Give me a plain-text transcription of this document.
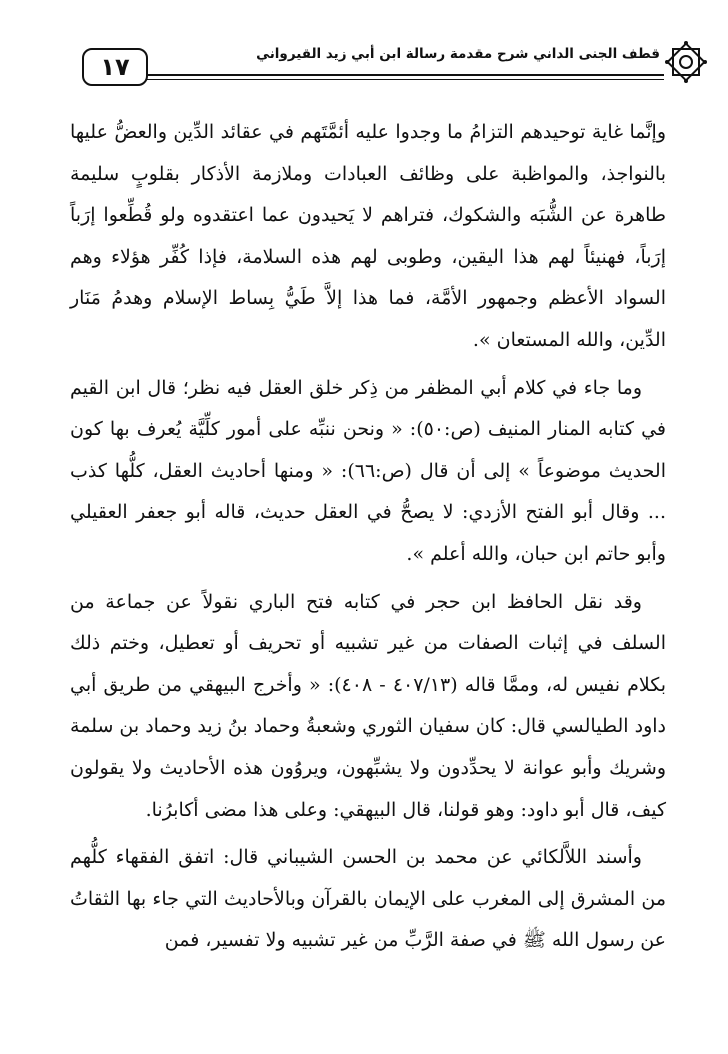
١٧	قطف الجنى الداني شرح مقدمة رسالة ابن أبي زيد القيرواني

وإنَّما غاية توحيدهم التزامُ ما وجدوا عليه أئمَّتَهم في عقائد الدِّين والعضُّ عليها بالنواجذ، والمواظبة على وظائف العبادات وملازمة الأذكار بقلوبٍ سليمة طاهرة عن الشُّبَه والشكوك، فتراهم لا يَحيدون عما اعتقدوه ولو قُطِّعوا إرَباً إرَباً، فهنيئاً لهم هذا اليقين، وطوبى لهم هذه السلامة، فإذا كُفِّر هؤلاء وهم السواد الأعظم وجمهور الأمَّة، فما هذا إلاَّ طَيُّ بِساط الإسلام وهدمُ مَنَار الدِّين، والله المستعان ».

وما جاء في كلام أبي المظفر من ذِكر خلق العقل فيه نظر؛ قال ابن القيم في كتابه المنار المنيف (ص:٥٠): « ونحن ننبِّه على أمور كلِّيَّة يُعرف بها كون الحديث موضوعاً » إلى أن قال (ص:٦٦): « ومنها أحاديث العقل، كلُّها كذب ... وقال أبو الفتح الأزدي: لا يصحُّ في العقل حديث، قاله أبو جعفر العقيلي وأبو حاتم ابن حبان، والله أعلم ».

وقد نقل الحافظ ابن حجر في كتابه فتح الباري نقولاً عن جماعة من السلف في إثبات الصفات من غير تشبيه أو تحريف أو تعطيل، وختم ذلك بكلام نفيس له، وممَّا قاله (٤٠٧/١٣ - ٤٠٨): « وأخرج البيهقي من طريق أبي داود الطيالسي قال: كان سفيان الثوري وشعبةُ وحماد بنُ زيد وحماد بن سلمة وشريك وأبو عوانة لا يحدِّدون ولا يشبِّهون، ويروُون هذه الأحاديث ولا يقولون كيف، قال أبو داود: وهو قولنا، قال البيهقي: وعلى هذا مضى أكابرُنا.

وأسند اللاَّلكائي عن محمد بن الحسن الشيباني قال: اتفق الفقهاء كلُّهم من المشرق إلى المغرب على الإيمان بالقرآن وبالأحاديث التي جاء بها الثقاتُ عن رسول الله ﷺ في صفة الرَّبِّ من غير تشبيه ولا تفسير، فمن
